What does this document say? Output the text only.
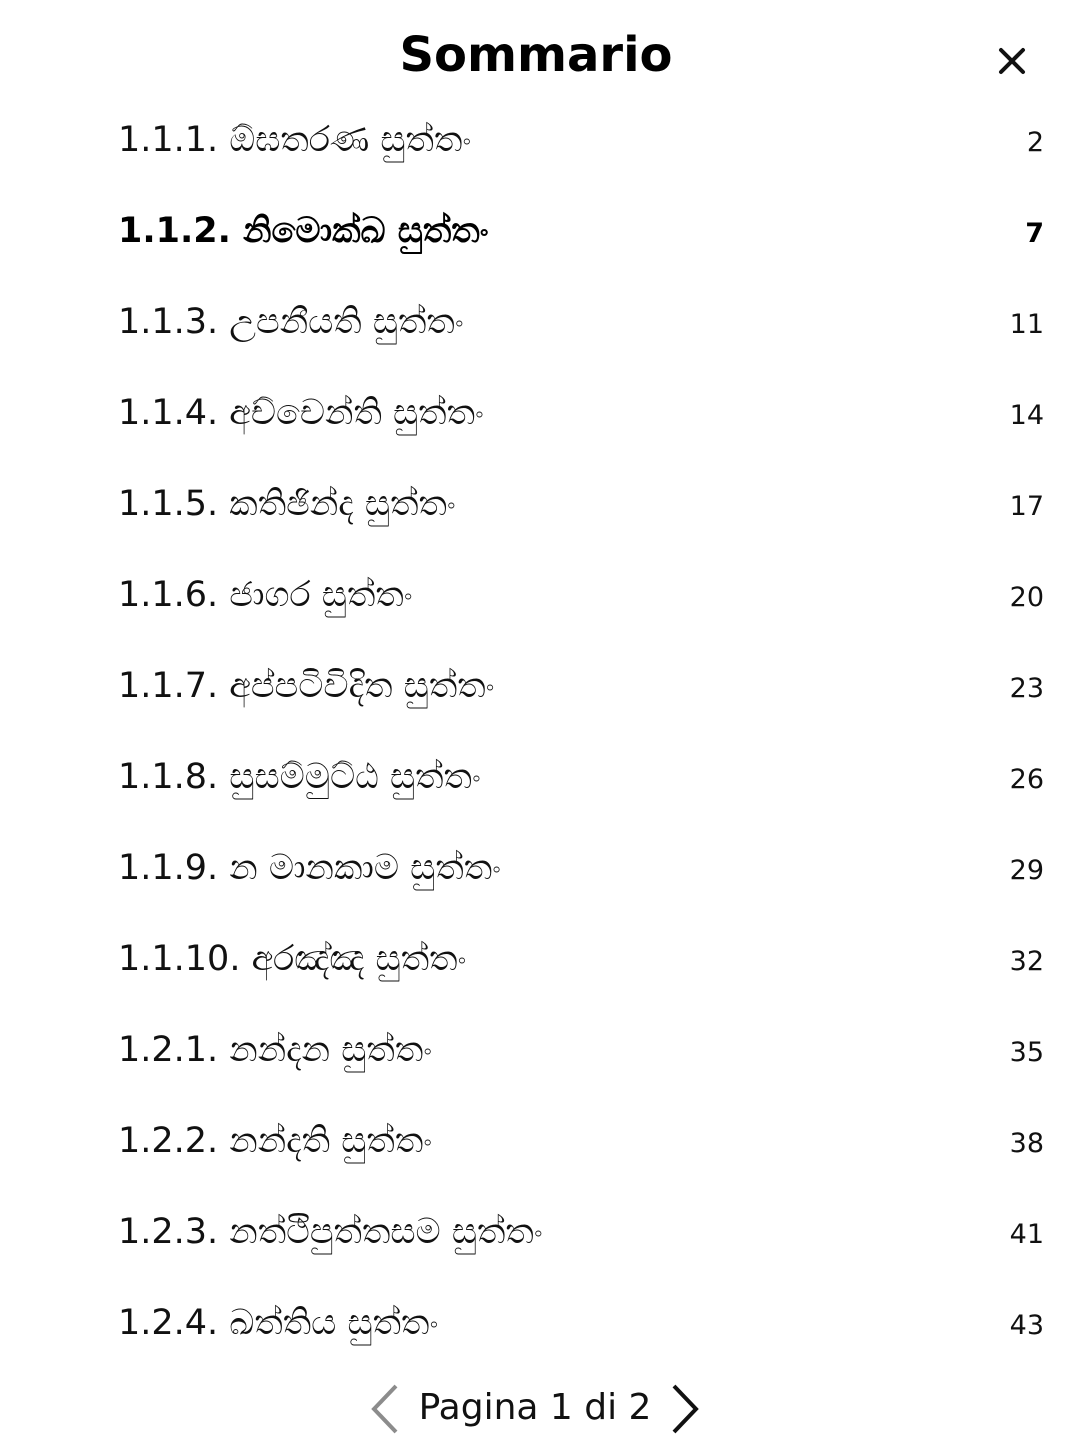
Sommario
1.1.1. ඕඝතරණ සුත්තං	2
1.1.2. නිමොක්ඛ සුත්තං	7
1.1.3. උපනීයති සුත්තං	11
1.1.4. අච්චෙන්ති සුත්තං	14
1.1.5. කතිඡින්ද සුත්තං	17
1.1.6. ජාගර සුත්තං	20
1.1.7. අප්පටිවිදිත සුත්තං	23
1.1.8. සුසම්මුට්ඨ සුත්තං	26
1.1.9. න මානකාම සුත්තං	29
1.1.10. අරඤ්ඤ සුත්තං	32
1.2.1. නන්දන සුත්තං	35
1.2.2. නන්දති සුත්තං	38
1.2.3. නත්ථිපුත්තසම සුත්තං	41
1.2.4. ඛත්තිය සුත්තං	43
Pagina 1 di 2
